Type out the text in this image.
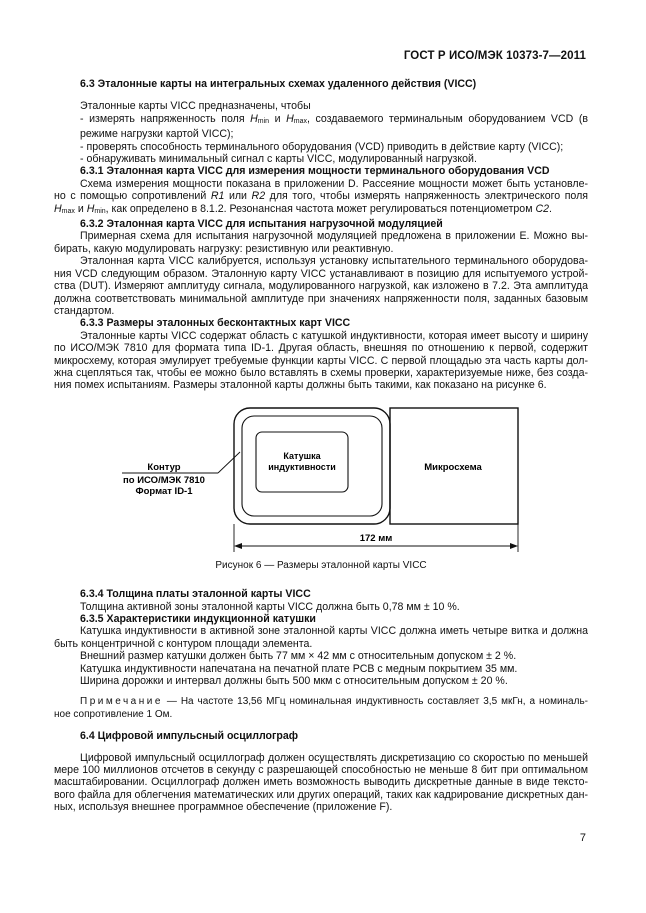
ГОСТ Р ИСО/МЭК 10373-7—2011

6.3 Эталонные карты на интегральных схемах удаленного действия (VICC)

Эталонные карты VICC предназначены, чтобы

- измерять напряженность поля $H_{min}$ и $H_{max}$, создаваемого терминальным оборудованием VCD (в режиме нагрузки картой VICC);

- проверять способность терминального оборудования (VCD) приводить в действие карту (VICC);

- обнаруживать минимальный сигнал с карты VICC, модулированный нагрузкой.

6.3.1 Эталонная карта VICC для измерения мощности терминального оборудования VCD

Схема измерения мощности показана в приложении D. Рассеяние мощности может быть установле-но с помощью сопротивлений R1 или R2 для того, чтобы измерять напряженность электрического поля $H_{max}$ и $H_{min}$, как определено в 8.1.2. Резонансная частота может регулироваться потенциометром C2.

6.3.2 Эталонная карта VICC для испытания нагрузочной модуляцией

Примерная схема для испытания нагрузочной модуляцией предложена в приложении Е. Можно вы-бирать, какую модулировать нагрузку: резистивную или реактивную.

Эталонная карта VICC калибруется, используя установку испытательного терминального оборудова-ния VCD следующим образом. Эталонную карту VICC устанавливают в позицию для испытуемого устрой-ства (DUT). Измеряют амплитуду сигнала, модулированного нагрузкой, как изложено в 7.2. Эта амплитуда должна соответствовать минимальной амплитуде при значениях напряженности поля, заданных базовым стандартом.

6.3.3 Размеры эталонных бесконтактных карт VICC

Эталонные карты VICC содержат область с катушкой индуктивности, которая имеет высоту и ширину по ИСО/МЭК 7810 для формата типа ID-1. Другая область, внешняя по отношению к первой, содержит микросхему, которая эмулирует требуемые функции карты VICC. С первой площадью эта часть карты дол-жна сцепляться так, чтобы ее можно было вставлять в схемы проверки, характеризуемые ниже, без созда-ния помех испытаниям. Размеры эталонной карты должны быть такими, как показано на рисунке 6.

Контур
по ИСО/МЭК 7810
Формат ID-1
Катушка
индуктивности	Микросхема
172 мм

Рисунок 6 — Размеры эталонной карты VICC

6.3.4 Толщина платы эталонной карты VICC

Толщина активной зоны эталонной карты VICC должна быть 0,78 мм ± 10 %.

6.3.5 Характеристики индукционной катушки

Катушка индуктивности в активной зоне эталонной карты VICC должна иметь четыре витка и должна быть концентричной с контуром площади элемента.

Внешний размер катушки должен быть 77 мм × 42 мм с относительным допуском ± 2 %.

Катушка индуктивности напечатана на печатной плате PCB с медным покрытием 35 мм.

Ширина дорожки и интервал должны быть 500 мкм с относительным допуском ± 20 %.

Примечание — На частоте 13,56 МГц номинальная индуктивность составляет 3,5 мкГн, а номиналь-ное сопротивление 1 Ом.

6.4 Цифровой импульсный осциллограф

Цифровой импульсный осциллограф должен осуществлять дискретизацию со скоростью по меньшей мере 100 миллионов отсчетов в секунду с разрешающей способностью не меньше 8 бит при оптимальном масштабировании. Осциллограф должен иметь возможность выводить дискретные данные в виде тексто-вого файла для облегчения математических или других операций, таких как кадрирование дискретных дан-ных, используя внешнее программное обеспечение (приложение F).

7
